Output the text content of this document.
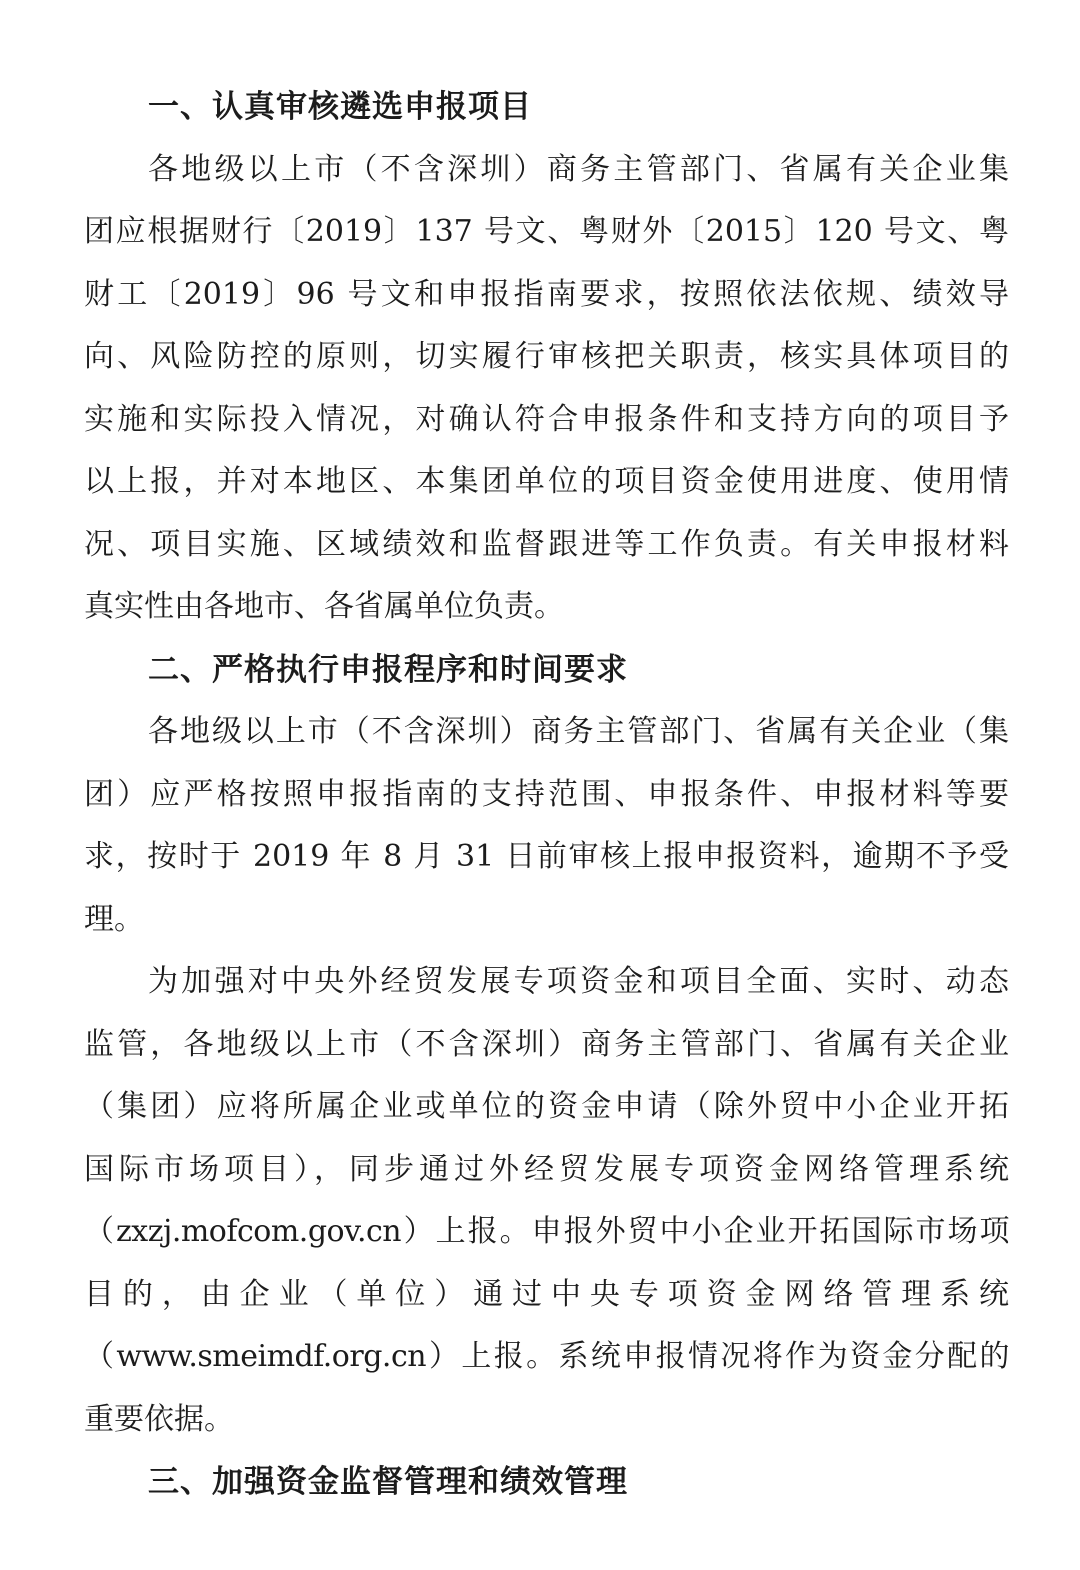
一、认真审核遴选申报项目

各地级以上市（不含深圳）商务主管部门、省属有关企业集
团应根据财行〔2019〕137 号文、粤财外〔2015〕120 号文、粤
财工〔2019〕96 号文和申报指南要求，按照依法依规、绩效导
向、风险防控的原则，切实履行审核把关职责，核实具体项目的
实施和实际投入情况，对确认符合申报条件和支持方向的项目予
以上报，并对本地区、本集团单位的项目资金使用进度、使用情
况、项目实施、区域绩效和监督跟进等工作负责。有关申报材料
真实性由各地市、各省属单位负责。

二、严格执行申报程序和时间要求

各地级以上市（不含深圳）商务主管部门、省属有关企业（集
团）应严格按照申报指南的支持范围、申报条件、申报材料等要
求，按时于 2019 年 8 月 31 日前审核上报申报资料，逾期不予受
理。

为加强对中央外经贸发展专项资金和项目全面、实时、动态
监管，各地级以上市（不含深圳）商务主管部门、省属有关企业
（集团）应将所属企业或单位的资金申请（除外贸中小企业开拓
国际市场项目），同步通过外经贸发展专项资金网络管理系统
（zxzj.mofcom.gov.cn）上报。申报外贸中小企业开拓国际市场项
目的，由企业（单位）通过中央专项资金网络管理系统
（www.smeimdf.org.cn）上报。系统申报情况将作为资金分配的
重要依据。

三、加强资金监督管理和绩效管理
